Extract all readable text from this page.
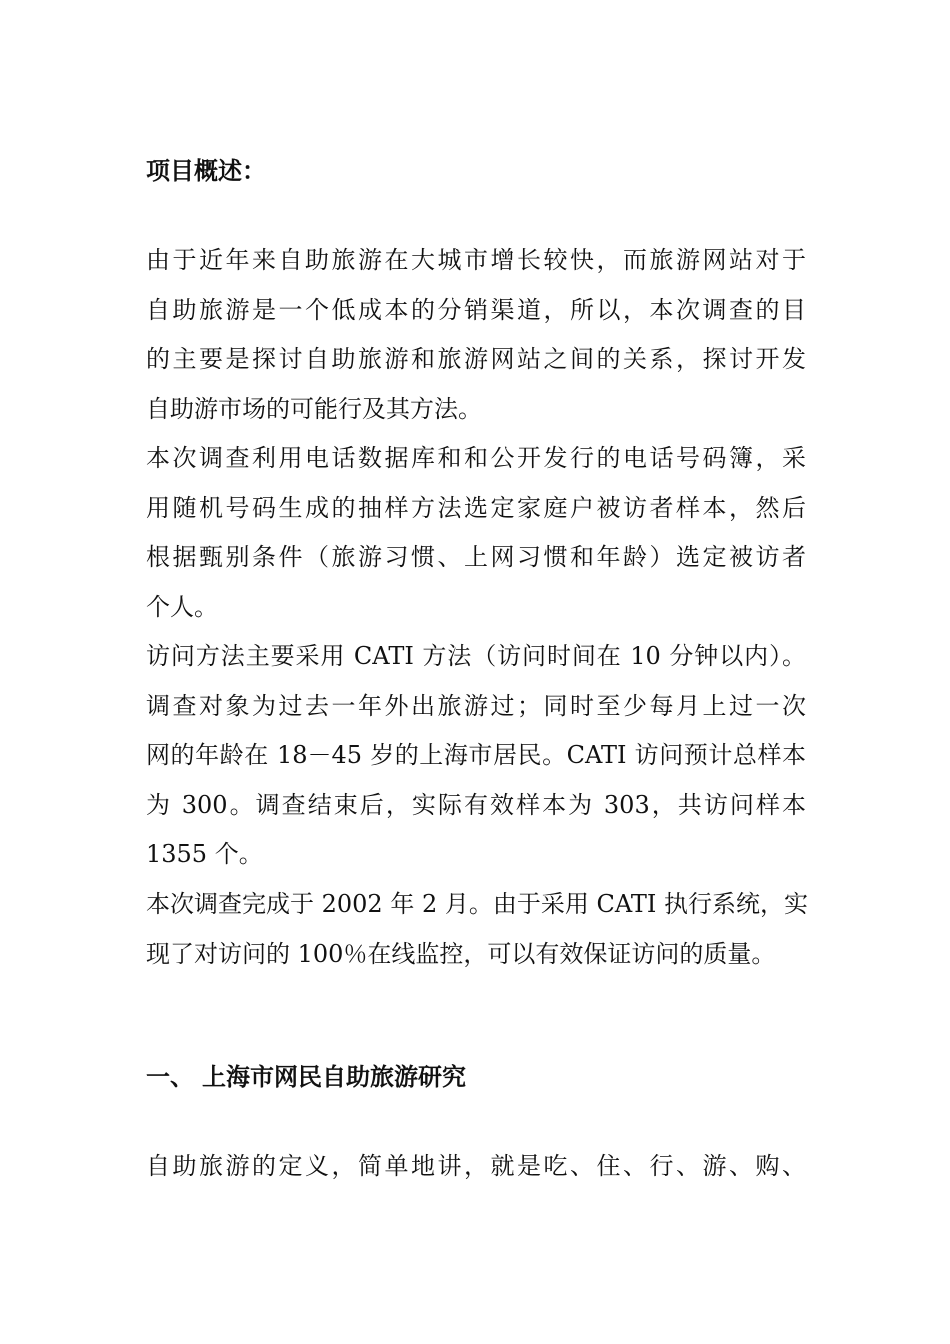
项目概述：
由于近年来自助旅游在大城市增长较快，而旅游网站对于
自助旅游是一个低成本的分销渠道，所以，本次调查的目
的主要是探讨自助旅游和旅游网站之间的关系，探讨开发
自助游市场的可能行及其方法。
本次调查利用电话数据库和和公开发行的电话号码簿，采
用随机号码生成的抽样方法选定家庭户被访者样本，然后
根据甄别条件（旅游习惯、上网习惯和年龄）选定被访者
个人。
访问方法主要采用 CATI 方法（访问时间在 10 分钟以内）。
调查对象为过去一年外出旅游过；同时至少每月上过一次
网的年龄在 18－45 岁的上海市居民。CATI 访问预计总样本
为 300。调查结束后，实际有效样本为 303，共访问样本
1355 个。
本次调查完成于 2002 年 2 月。由于采用 CATI 执行系统，实
现了对访问的 100％在线监控，可以有效保证访问的质量。
一、 上海市网民自助旅游研究
自助旅游的定义，简单地讲，就是吃、住、行、游、购、
